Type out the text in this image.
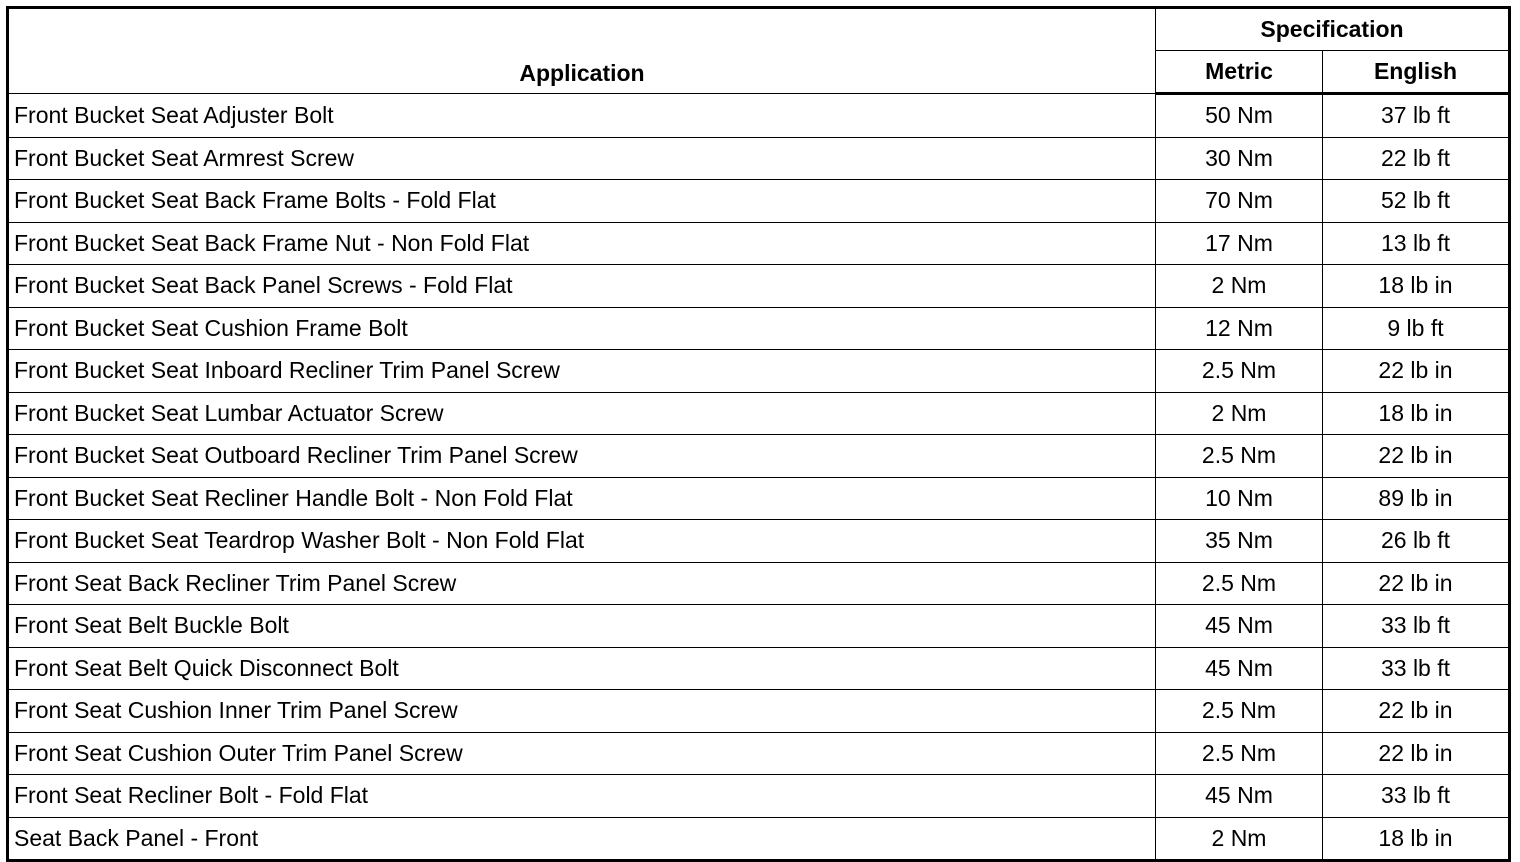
Application	Specification	
	Metric	English
Front Bucket Seat Adjuster Bolt	50 Nm	37 lb ft
Front Bucket Seat Armrest Screw	30 Nm	22 lb ft
Front Bucket Seat Back Frame Bolts - Fold Flat	70 Nm	52 lb ft
Front Bucket Seat Back Frame Nut - Non Fold Flat	17 Nm	13 lb ft
Front Bucket Seat Back Panel Screws - Fold Flat	2 Nm	18 lb in
Front Bucket Seat Cushion Frame Bolt	12 Nm	9 lb ft
Front Bucket Seat Inboard Recliner Trim Panel Screw	2.5 Nm	22 lb in
Front Bucket Seat Lumbar Actuator Screw	2 Nm	18 lb in
Front Bucket Seat Outboard Recliner Trim Panel Screw	2.5 Nm	22 lb in
Front Bucket Seat Recliner Handle Bolt - Non Fold Flat	10 Nm	89 lb in
Front Bucket Seat Teardrop Washer Bolt - Non Fold Flat	35 Nm	26 lb ft
Front Seat Back Recliner Trim Panel Screw	2.5 Nm	22 lb in
Front Seat Belt Buckle Bolt	45 Nm	33 lb ft
Front Seat Belt Quick Disconnect Bolt	45 Nm	33 lb ft
Front Seat Cushion Inner Trim Panel Screw	2.5 Nm	22 lb in
Front Seat Cushion Outer Trim Panel Screw	2.5 Nm	22 lb in
Front Seat Recliner Bolt - Fold Flat	45 Nm	33 lb ft
Seat Back Panel - Front	2 Nm	18 lb in
